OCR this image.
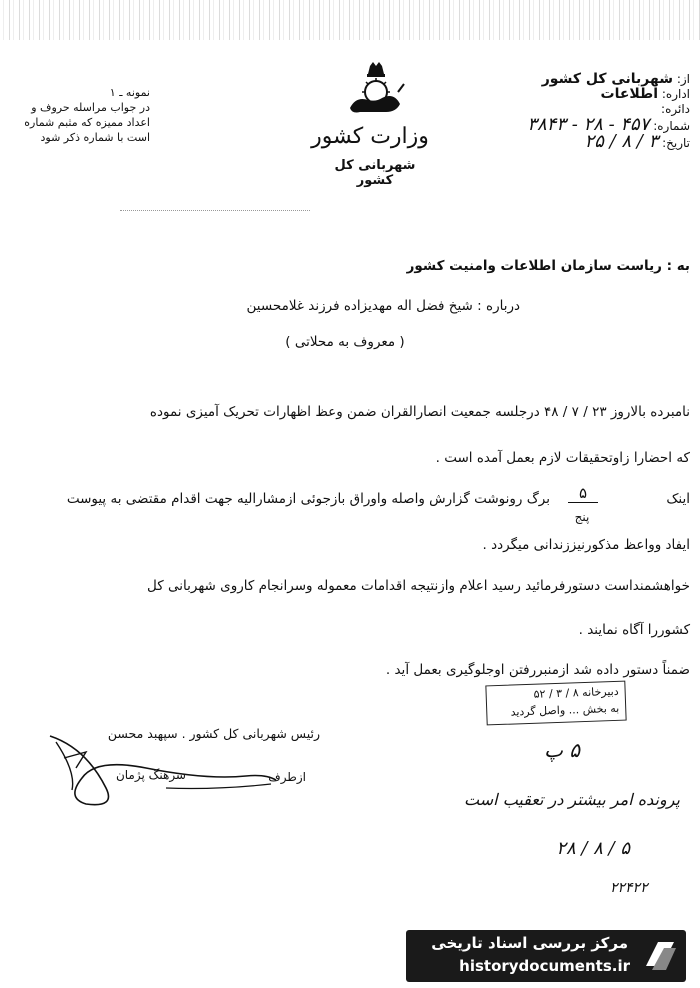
نمونه ـ ۱
در جواب مراسله حروف و
اعداد ممیزه که مثبم شماره
است با شماره ذکر شود	وزارت کشور
شهربانی کل کشور
از: شهربانی کل کشور
اداره: اطلاعات
دائره:
شماره: ۴۵۷ - ۲۸ - ۳۸۴۳
تاریخ: ۳ / ۸ / ۲۵
به : ریاست سازمان اطلاعات وامنیت کشور
درباره : شیخ فضل اله مهدیزاده فرزند غلامحسین
( معروف به محلاتی )
نامبرده بالاروز ۲۳ / ۷ / ۴۸ درجلسه جمعیت انصارالقران ضمن وعظ اظهارات تحریک آمیزی نموده
که احضارا زاوتحقیقات لازم بعمل آمده است .
اینک
۵
پنج
برگ رونوشت گزارش واصله واوراق بازجوئی ازمشارالیه جهت اقدام مقتضی به پیوست
ایفاد وواعظ مذکورنیززندانی میگردد .
خواهشمنداست دستورفرمائید رسید اعلام وازنتیجه اقدامات معموله وسرانجام کاروی شهربانی کل
کشوررا آگاه نمایند .
ضمناً دستور داده شد ازمنبررفتن اوجلوگیری بعمل آید .
دبیرخانه ۸ / ۳ / ۵۲
به بخش ... واصل گردید
رئیس شهربانی کل کشور . سپهبد محسن
سرهنگ پژمان	ازطرف
۵ پ
پرونده امر بیشتر در تعقیب است
۵ / ۸ / ۲۸
۲۲۴۲۲
مرکز بررسی اسناد تاریخی
historydocuments.ir
